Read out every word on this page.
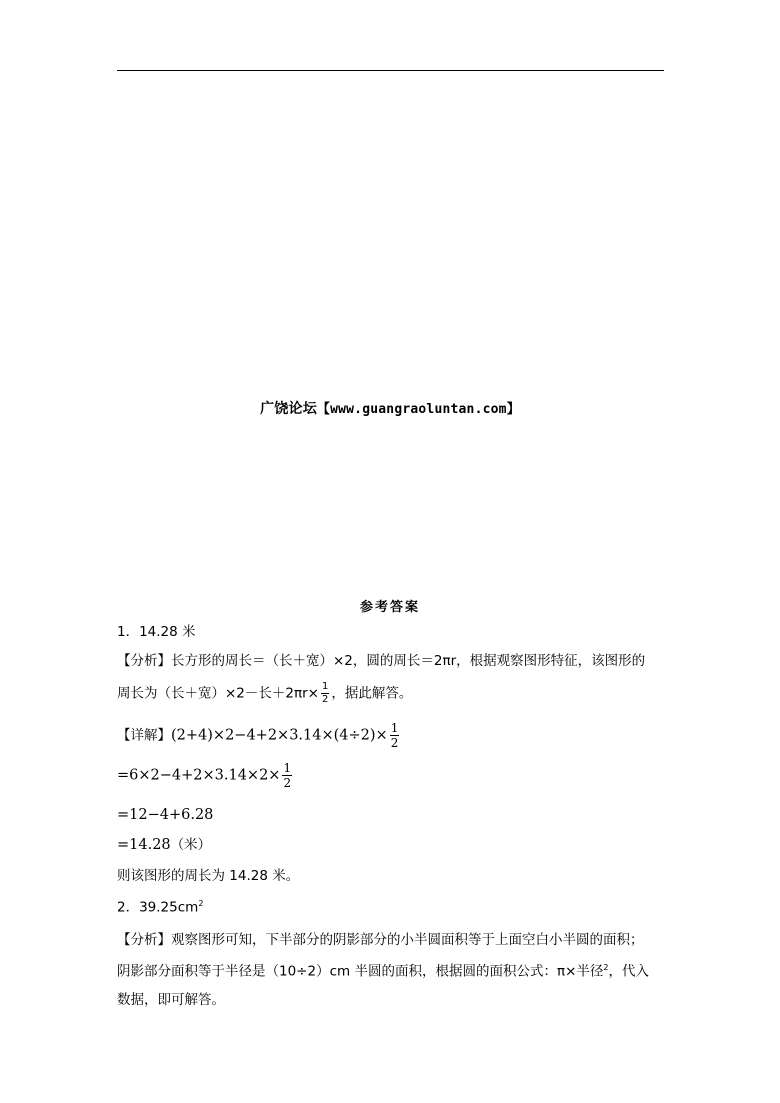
广饶论坛【www.guangraoluntan.com】
参考答案
1．14.28 米
【分析】长方形的周长＝（长＋宽）×2，圆的周长＝2πr，根据观察图形特征，该图形的
周长为（长＋宽）×2－长$+2\pi r\times \frac{1}{2}$ ，据此解答。
【详解】$(2+4)\times 2-4+2\times 3.14\times(4\div 2)\times \frac{1}{2}$
$=6\times 2-4+2\times 3.14\times 2\times \frac{1}{2}$
=12−4+6.28
=14.28（米）
则该图形的周长为 14.28 米。
2．$39.25cm^2$
【分析】观察图形可知，下半部分的阴影部分的小半圆面积等于上面空白小半圆的面积；
阴影部分面积等于半径是（10÷2）cm 半圆的面积，根据圆的面积公式：π×半径$^2$，代入
数据，即可解答。
